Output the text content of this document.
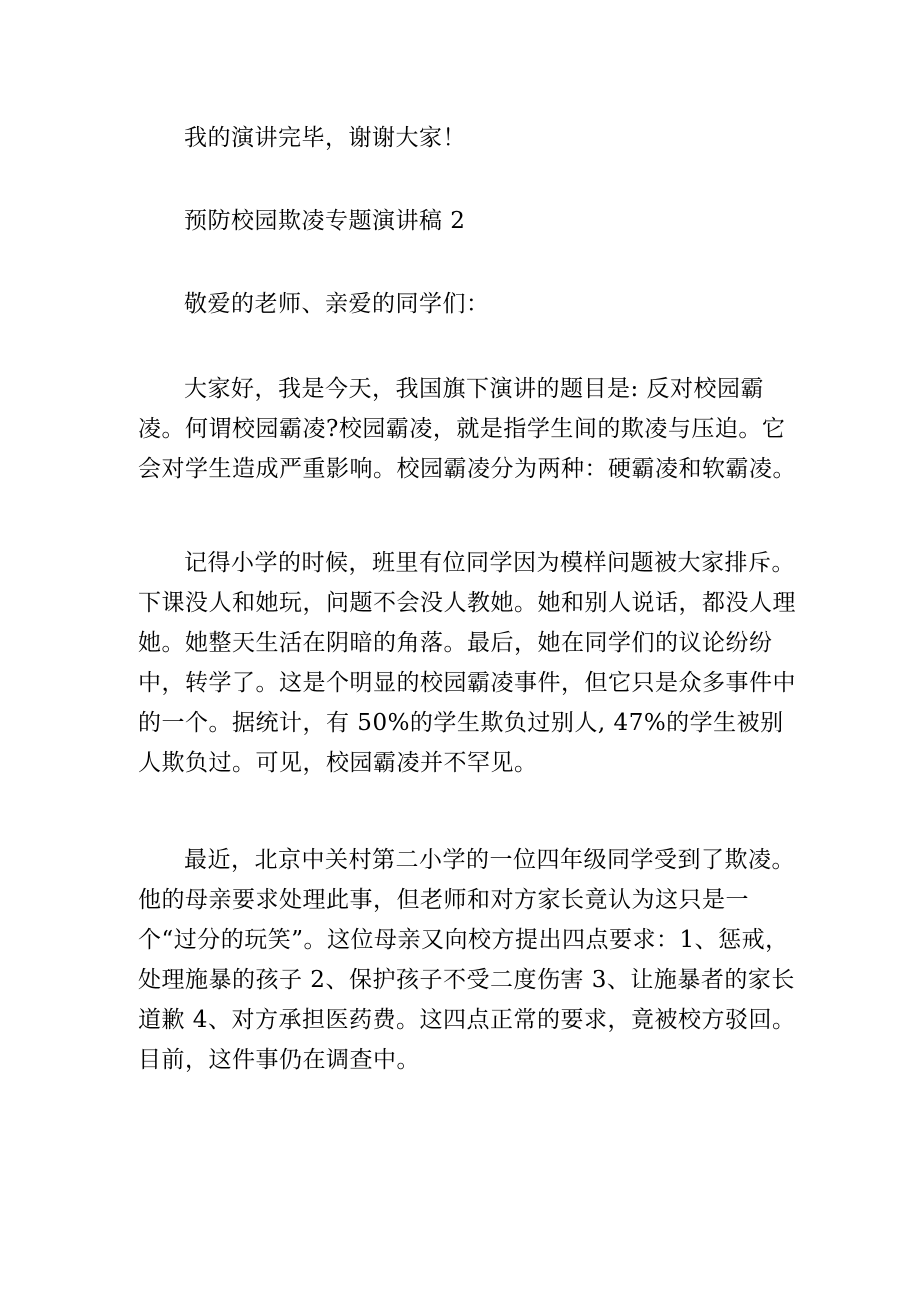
我的演讲完毕，谢谢大家！

预防校园欺凌专题演讲稿 2

敬爱的老师、亲爱的同学们：

大家好，我是今天，我国旗下演讲的题目是: 反对校园霸凌。何谓校园霸凌?校园霸凌，就是指学生间的欺凌与压迫。它会对学生造成严重影响。校园霸凌分为两种：硬霸凌和软霸凌。

记得小学的时候，班里有位同学因为模样问题被大家排斥。下课没人和她玩，问题不会没人教她。她和别人说话，都没人理她。她整天生活在阴暗的角落。最后，她在同学们的议论纷纷中，转学了。这是个明显的校园霸凌事件，但它只是众多事件中的一个。据统计，有 50%的学生欺负过别人, 47%的学生被别人欺负过。可见，校园霸凌并不罕见。

最近，北京中关村第二小学的一位四年级同学受到了欺凌。他的母亲要求处理此事，但老师和对方家长竟认为这只是一个“过分的玩笑”。这位母亲又向校方提出四点要求：1、惩戒，处理施暴的孩子 2、保护孩子不受二度伤害 3、让施暴者的家长道歉 4、对方承担医药费。这四点正常的要求，竟被校方驳回。目前，这件事仍在调查中。
